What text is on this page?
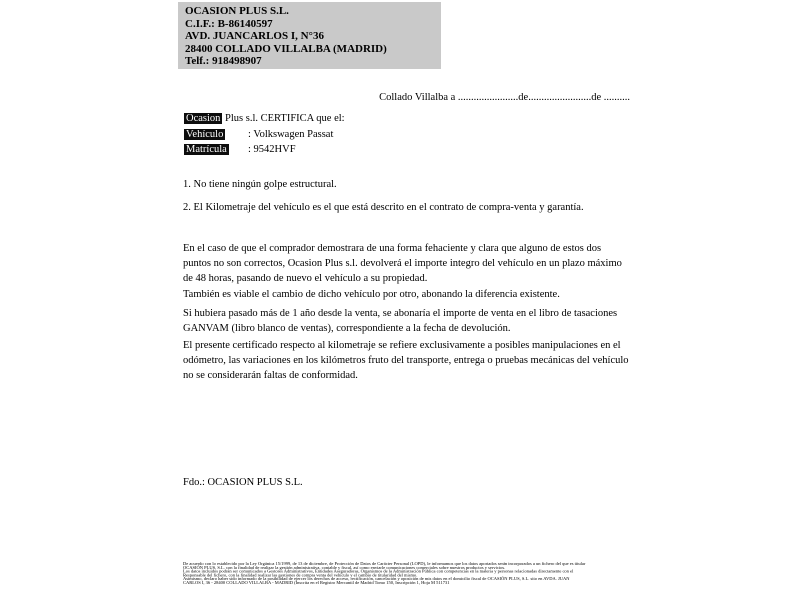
OCASION PLUS S.L.
C.I.F.: B-86140597
AVD. JUANCARLOS I, N°36
28400 COLLADO VILLALBA (MADRID)
Telf.: 918498907
Collado Villalba a .......................de........................de ..........
Ocasion Plus s.l. CERTIFICA que el:
Vehículo : Volkswagen Passat
Matrícula : 9542HVF
1. No tiene ningún golpe estructural.
2. El Kilometraje del vehículo es el que está descrito en el contrato de compra-venta y garantía.
En el caso de que el comprador demostrara de una forma fehaciente y clara que alguno de estos dos puntos no son correctos, Ocasion Plus s.l. devolverá el importe integro del vehículo en un plazo máximo de 48 horas, pasando de nuevo el vehículo a su propiedad.
También es viable el cambio de dicho vehículo por otro, abonando la diferencia existente.
Si hubiera pasado más de 1 año desde la venta, se abonaría el importe de venta en el libro de tasaciones GANVAM (libro blanco de ventas), correspondiente a la fecha de devolución.
El presente certificado respecto al kilometraje se refiere exclusivamente a posibles manipulaciones en el odómetro, las variaciones en los kilómetros fruto del transporte, entrega o pruebas mecánicas del vehículo no se considerarán faltas de conformidad.
Fdo.: OCASION PLUS S.L.
De acuerdo con lo establecido por la Ley Orgánica 15/1999, de 13 de diciembre, de Protección de Datos de Carácter Personal (LOPD), le informamos que los datos aportados serán incorporados a un fichero del que es titular
OCASIÓN PLUS, S.L. con la finalidad de realizar la gestión administrativa, contable y fiscal, así como enviarle comunicaciones comerciales sobre nuestros productos y servicios.
Los datos incluidos podrán ser comunicados a Gestores Administrativos, Entidades Aseguradoras, Organismos de la Administración Pública con competencias en la materia y personas relacionadas directamente con el
Responsable del fichero, con la finalidad realizar las gestiones de compra venta del vehículo y el cambio de titularidad del mismo.
Asimismo, declaro haber sido informado de la posibilidad de ejercer los derechos de acceso, rectificación, cancelación y oposición de mis datos en el domicilio fiscal de OCASIÓN PLUS, S.L. sito en AVDA. JUAN
CARLOS I, 36 - 28400 COLLADO VILLALBA - MADRID (Inscrita en el Registro Mercantil de Madrid Tomo 150, Inscripción 1, Hoja M 511731
